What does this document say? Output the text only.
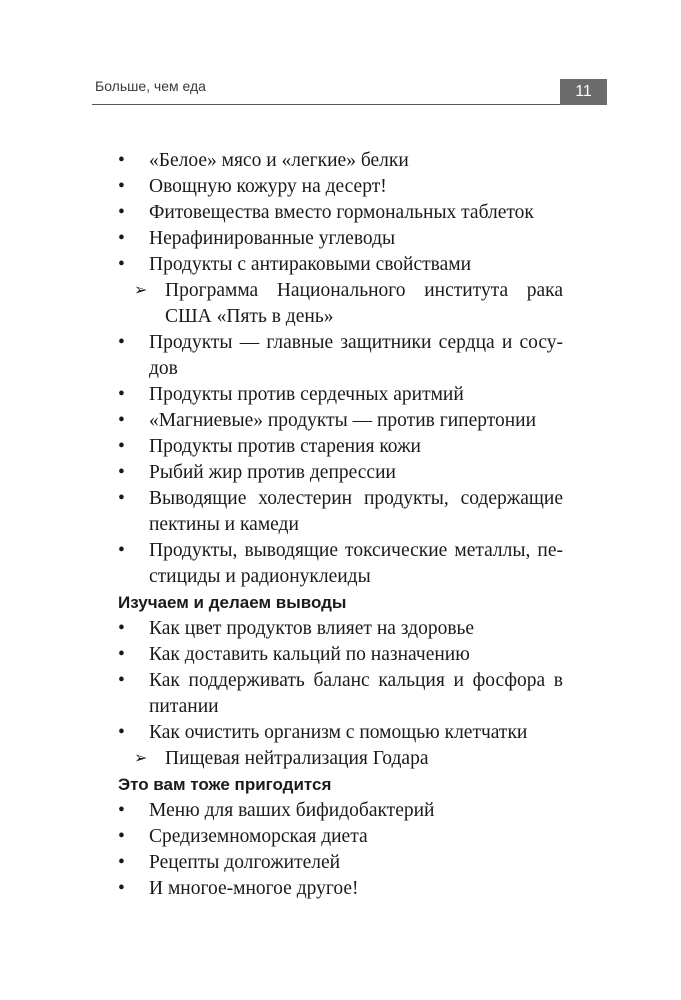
Больше, чем еда	11
•	«Белое» мясо и «легкие» белки
•	Овощную кожуру на десерт!
•	Фитовещества вместо гормональных таблеток
•	Нерафинированные углеводы
•	Продукты с антираковыми свойствами
➢ Программа Национального института рака США «Пять в день»
•	Продукты — главные защитники сердца и сосу-дов
•	Продукты против сердечных аритмий
•	«Магниевые» продукты — против гипертонии
•	Продукты против старения кожи
•	Рыбий жир против депрессии
•	Выводящие холестерин продукты, содержащие пектины и камеди
•	Продукты, выводящие токсические металлы, пе-стициды и радионуклеиды
Изучаем и делаем выводы
•	Как цвет продуктов влияет на здоровье
•	Как доставить кальций по назначению
•	Как поддерживать баланс кальция и фосфора в питании
•	Как очистить организм с помощью клетчатки
➢ Пищевая нейтрализация Годара
Это вам тоже пригодится
•	Меню для ваших бифидобактерий
•	Средиземноморская диета
•	Рецепты долгожителей
•	И многое-многое другое!
